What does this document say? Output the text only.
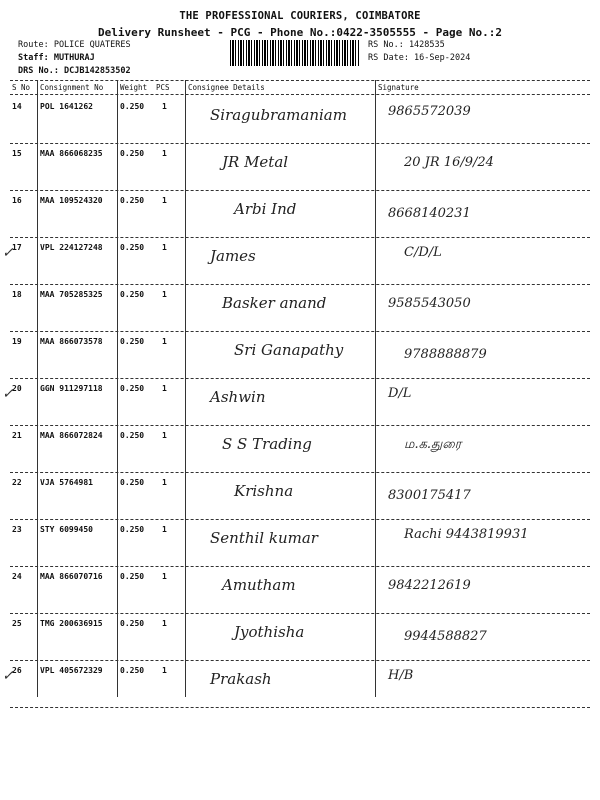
THE PROFESSIONAL COURIERS, COIMBATORE
Delivery Runsheet - PCG - Phone No.:0422-3505555 - Page No.:2
Route: POLICE QUATERES
Staff: MUTHURAJ
DRS No.: DCJB142853502
RS No.: 1428535
RS Date: 16-Sep-2024
S No Consignment No Weight PCS Consignee Details	Signature
14 POL 1641262	0.250 1	Siragubramaniam	9865572039
15 MAA 866068235 0.250 1	JR Metal	20 JR 16/9/24
16 MAA 109524320 0.250 1	Arbi Ind	8668140231
17 VPL 224127248 0.250 1	James	C/D/L
✓
18 MAA 705285325 0.250 1	Basker anand	9585543050
19 MAA 866073578 0.250 1	Sri Ganapathy	9788888879
20 GGN 911297118 0.250 1	Ashwin	D/L
✓
21 MAA 866072824 0.250 1	S S Trading	ம.க.துரை
22 VJA 5764981	0.250 1	Krishna	8300175417
23 STY 6099450	0.250 1	Senthil kumar	Rachi 9443819931
24 MAA 866070716 0.250 1	Amutham	9842212619
25 TMG 200636915 0.250 1	Jyothisha	9944588827
26 VPL 405672329 0.250 1	Prakash	H/B
✓
